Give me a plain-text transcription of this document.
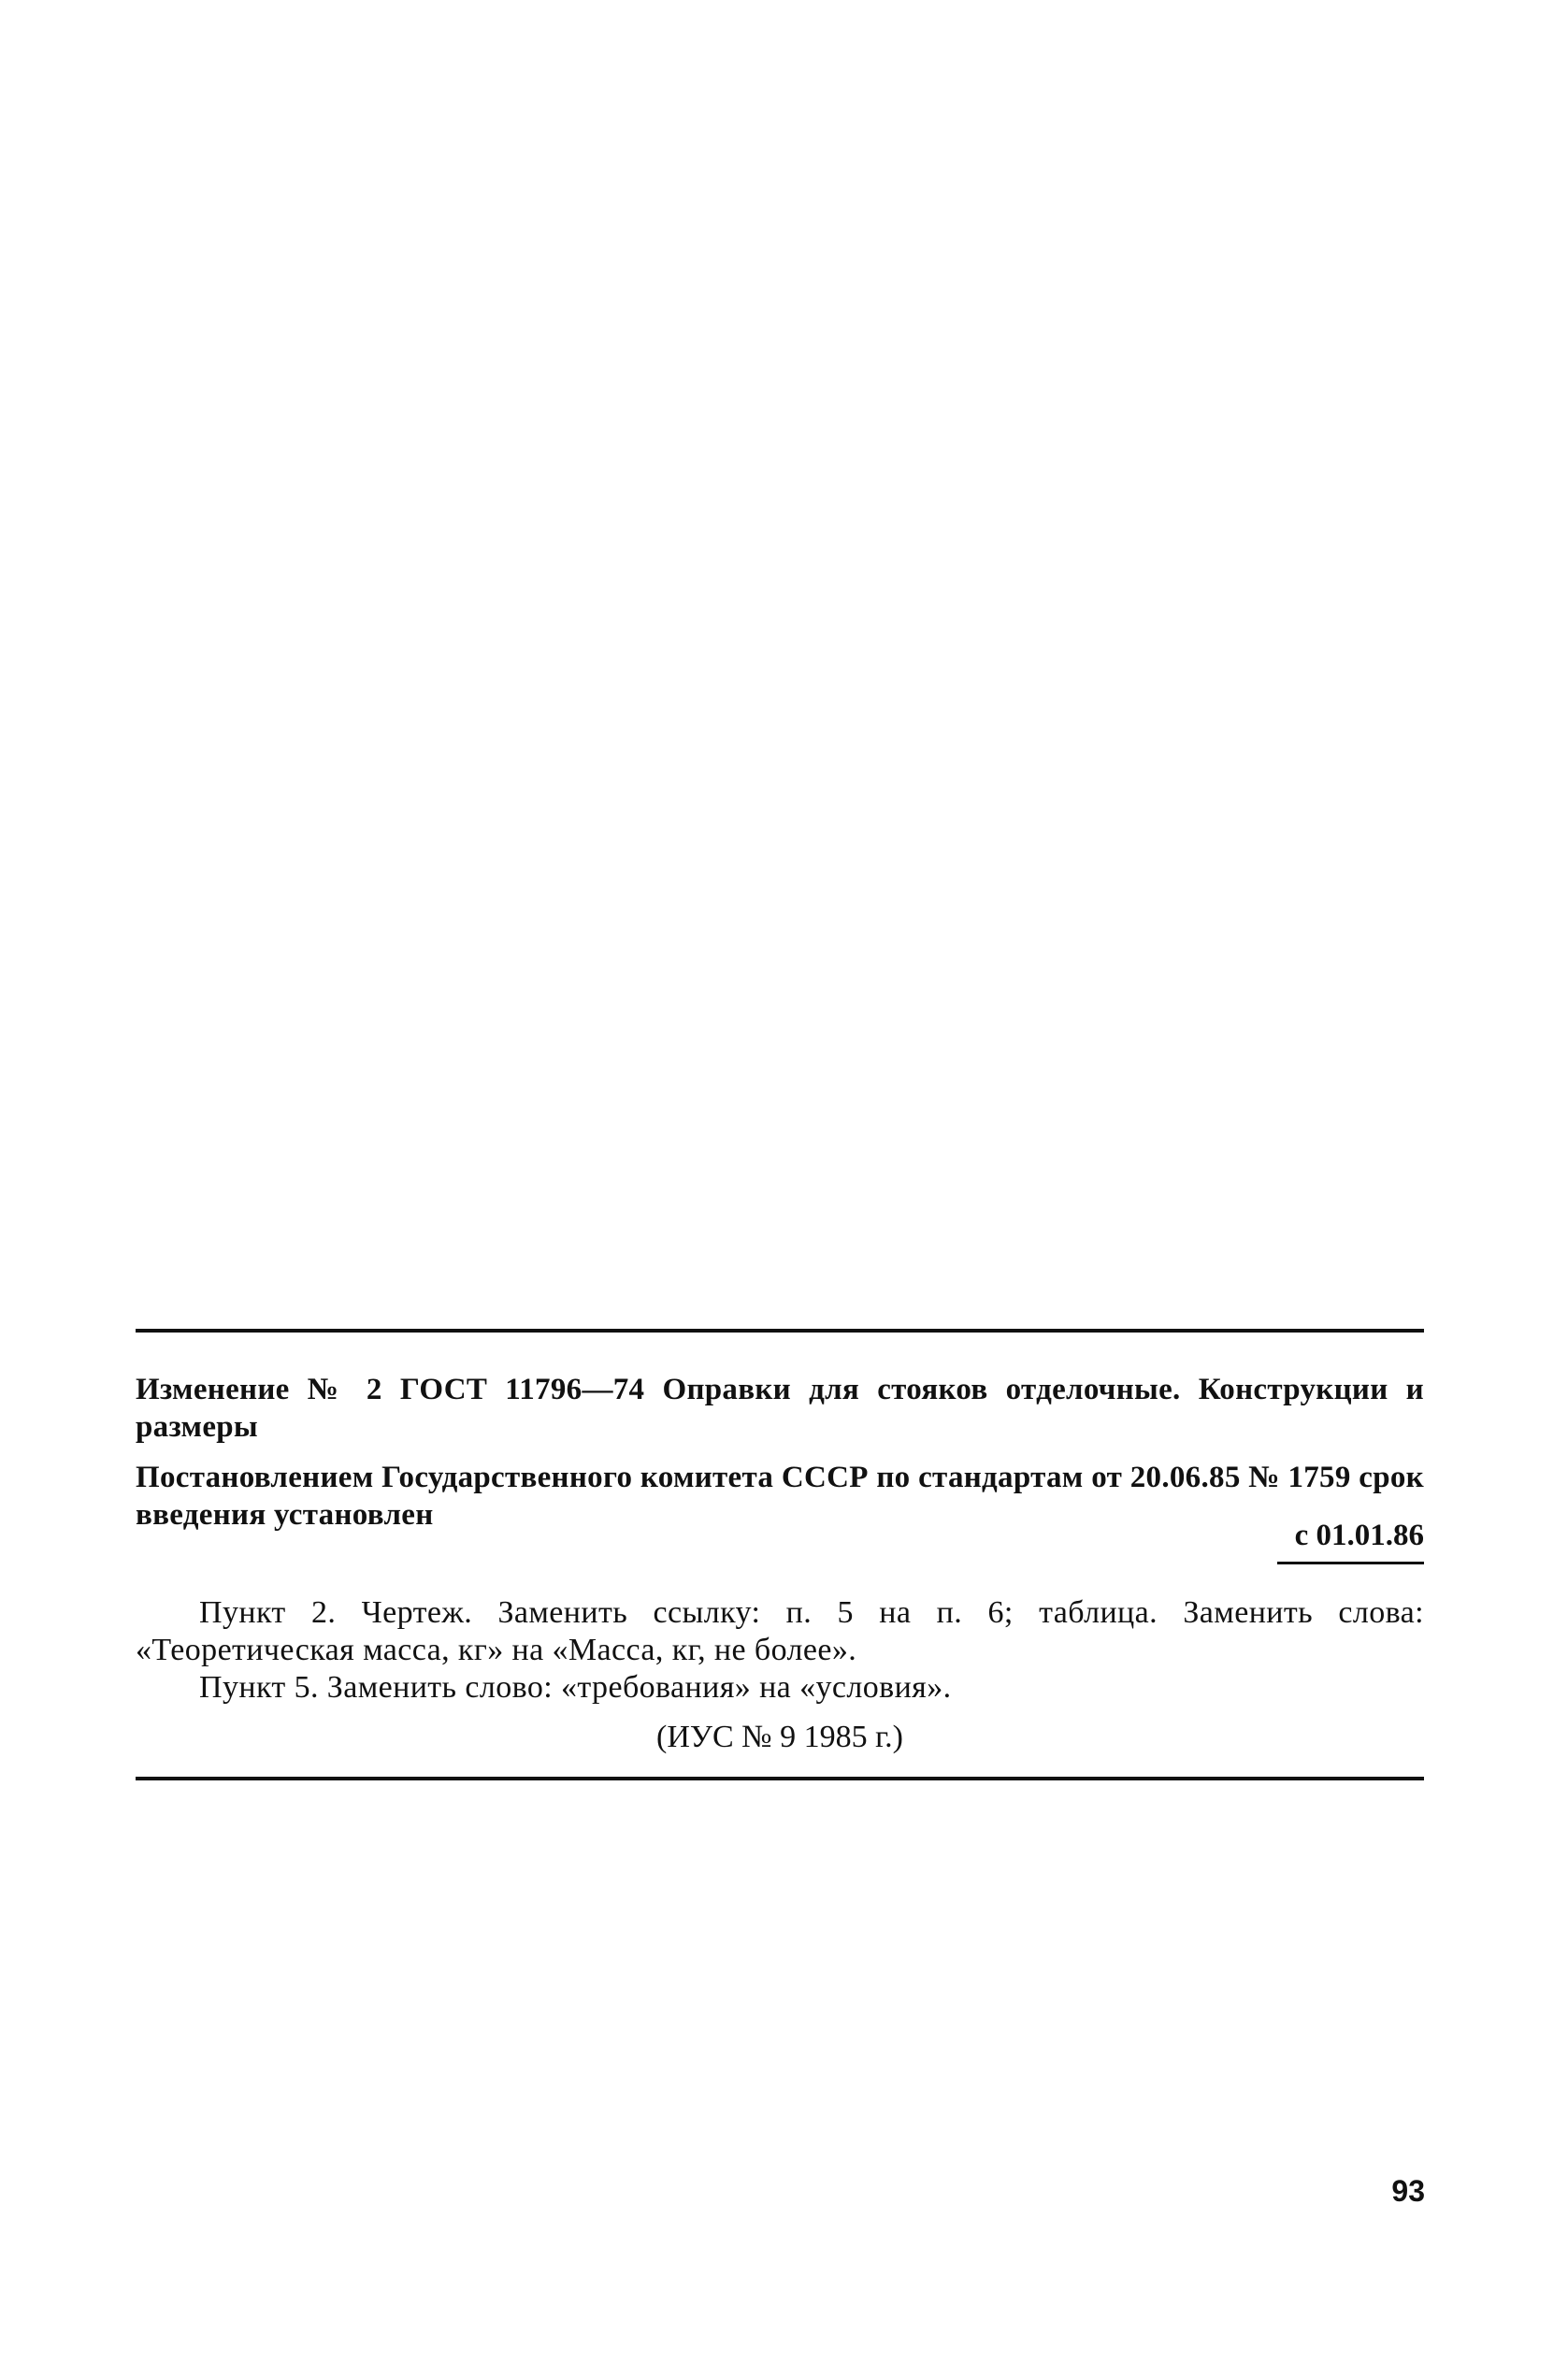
Изменение № 2 ГОСТ 11796—74 Оправки для стояков отделочные. Конструкции и размеры
Постановлением Государственного комитета СССР по стандартам от 20.06.85 № 1759 срок введения установлен
с 01.01.86
Пункт 2. Чертеж. Заменить ссылку: п. 5 на п. 6; таблица. Заменить слова: «Теоретическая масса, кг» на «Масса, кг, не более».
Пункт 5. Заменить слово: «требования» на «условия».
(ИУС № 9 1985 г.)
93
